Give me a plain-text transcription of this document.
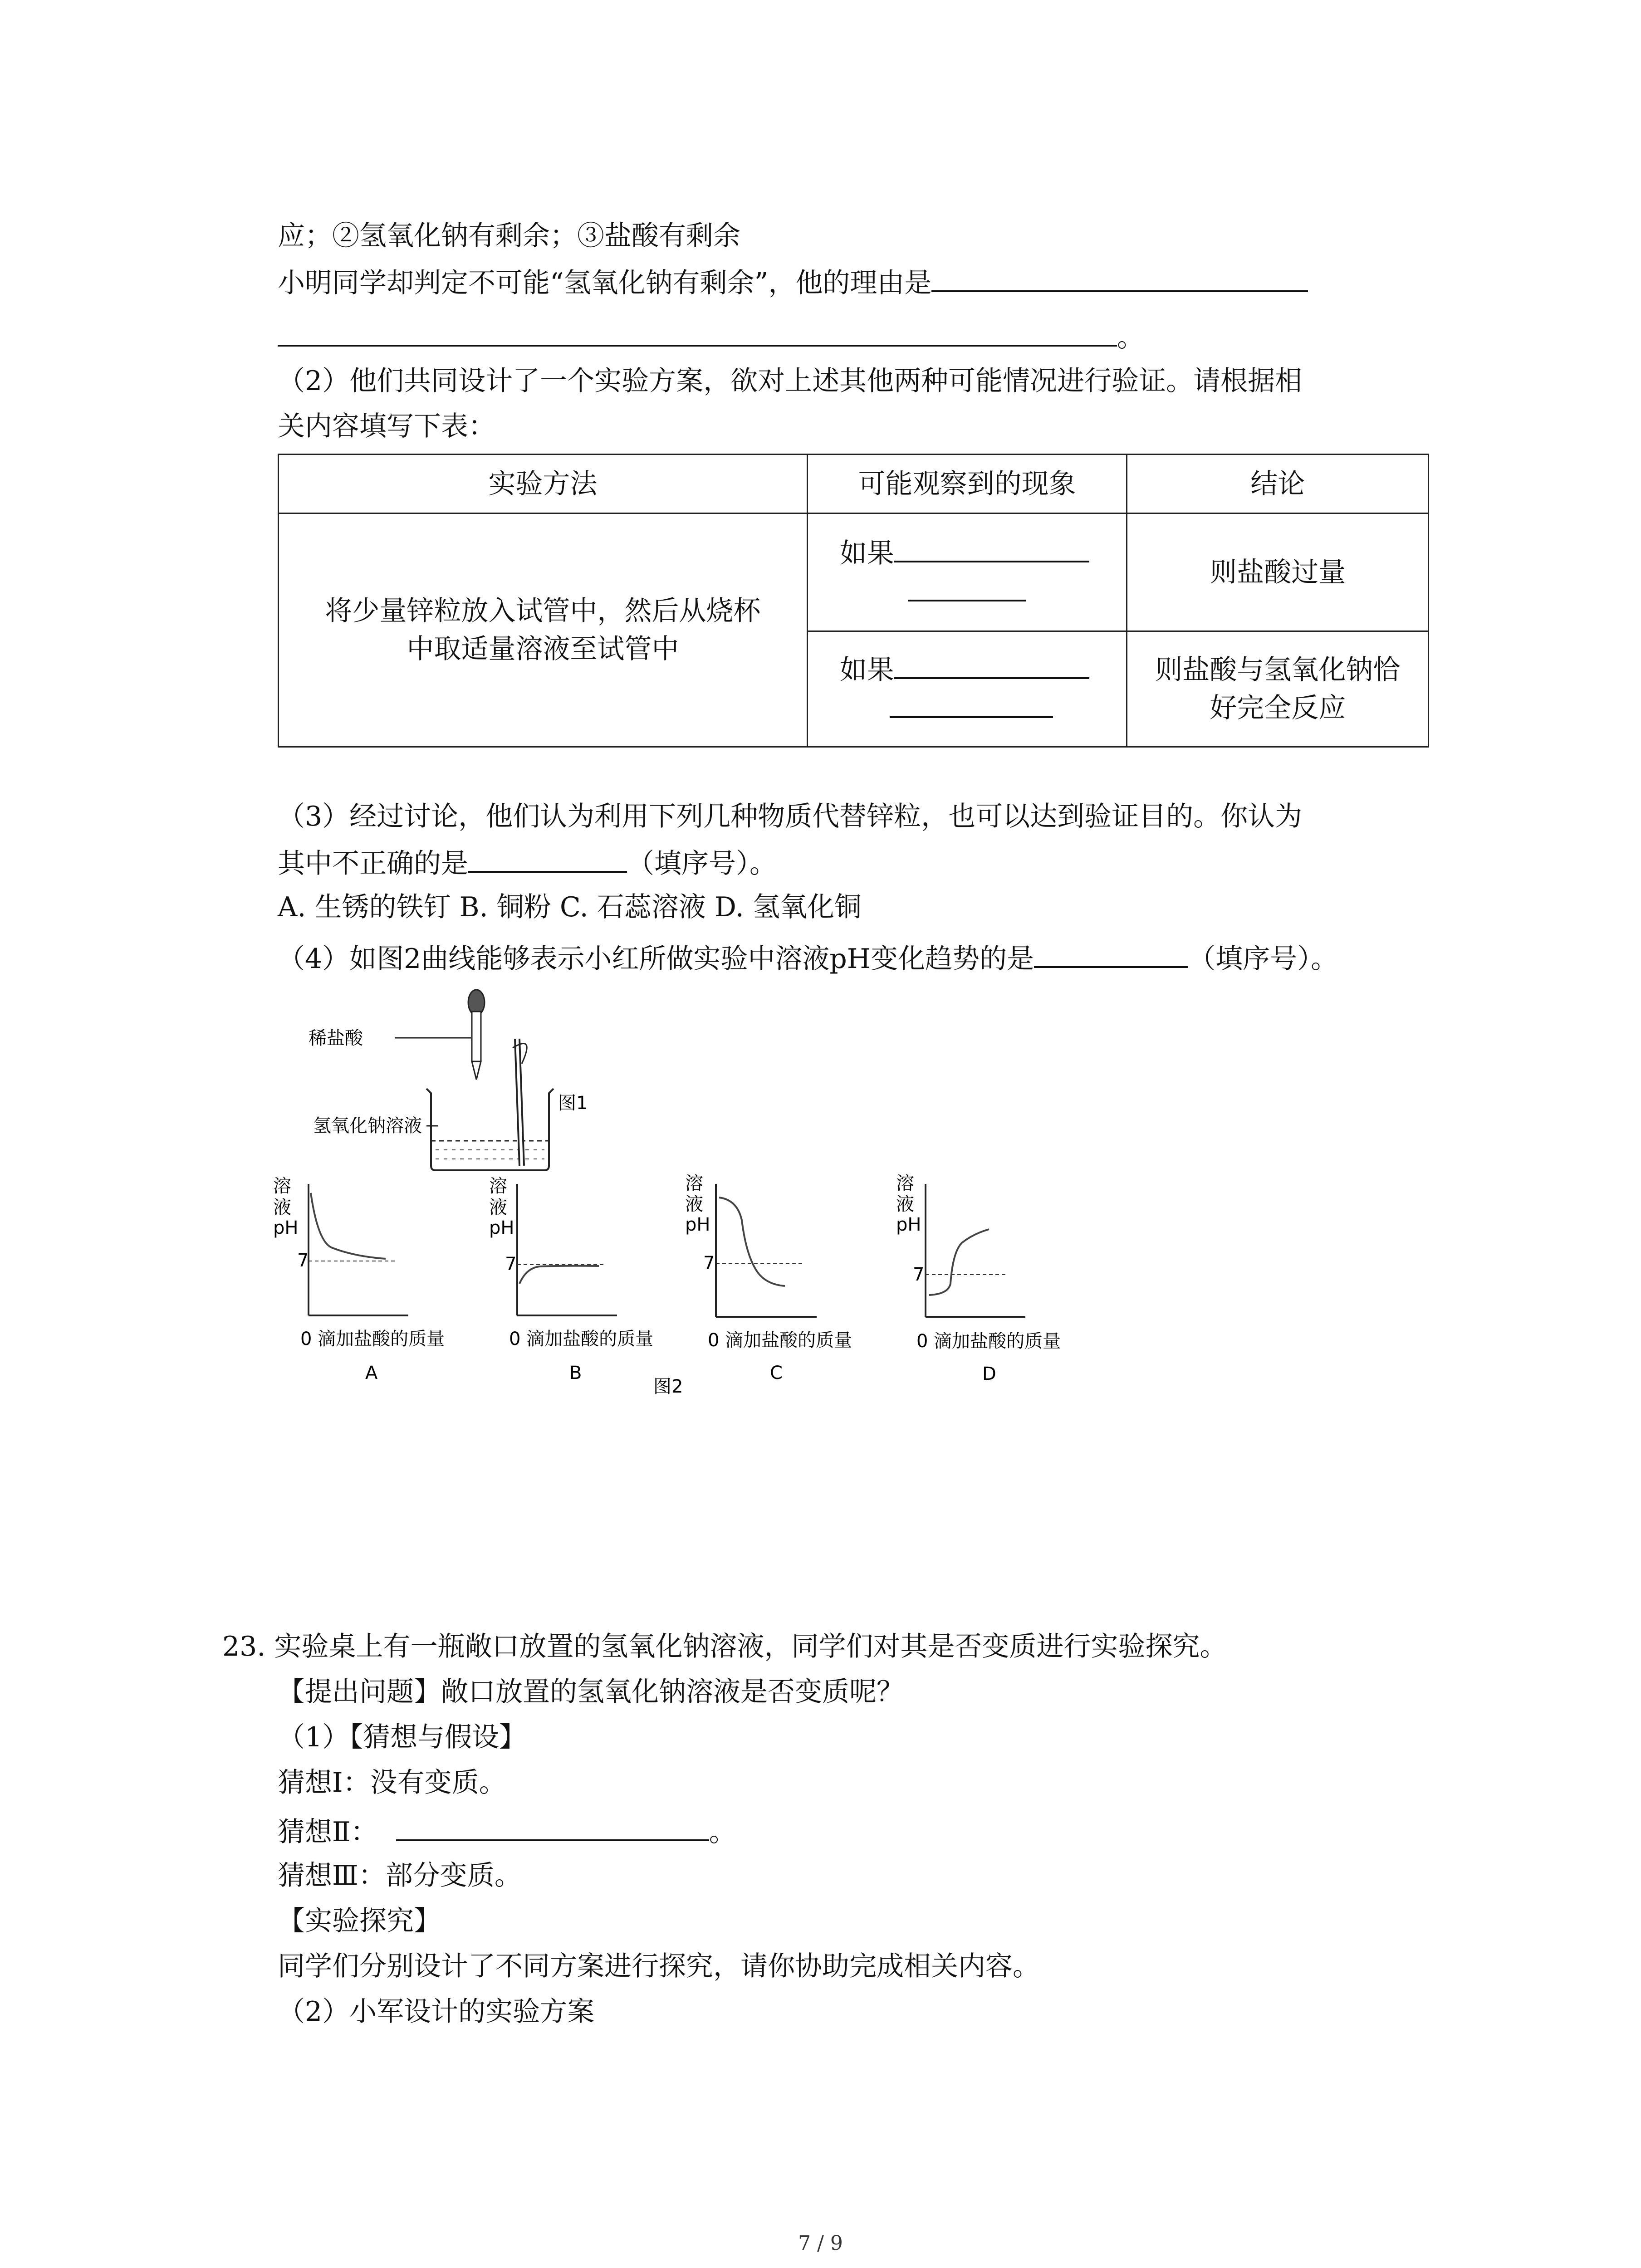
应；②氢氧化钠有剩余；③盐酸有剩余
小明同学却判定不可能“氢氧化钠有剩余”，他的理由是
。
（2）他们共同设计了一个实验方案，欲对上述其他两种可能情况进行验证。请根据相
关内容填写下表：
实验方法	可能观察到的现象	结论

将少量锌粒放入试管中，然后从烧杯
中取适量溶液至试管中	如果	则盐酸过量

	如果	则盐酸与氢氧化钠恰
好完全反应
（3）经过讨论，他们认为利用下列几种物质代替锌粒，也可以达到验证目的。你认为
其中不正确的是	（填序号）。
A. 生锈的铁钉 B. 铜粉 C. 石蕊溶液 D. 氢氧化铜
（4）如图2曲线能够表示小红所做实验中溶液pH变化趋势的是	（填序号）。
稀盐酸
氢氧化钠溶液
图1
溶
液
pH
7
0 滴加盐酸的质量
A
溶
液
pH
7
0 滴加盐酸的质量
B
溶
液
pH
7
0 滴加盐酸的质量
C
溶
液
pH
7
0 滴加盐酸的质量
D
图2
23. 实验桌上有一瓶敞口放置的氢氧化钠溶液，同学们对其是否变质进行实验探究。
【提出问题】敞口放置的氢氧化钠溶液是否变质呢？
（1）【猜想与假设】
猜想Ⅰ：没有变质。
猜想Ⅱ：	。
猜想Ⅲ：部分变质。
【实验探究】
同学们分别设计了不同方案进行探究，请你协助完成相关内容。
（2）小军设计的实验方案
7 / 9
